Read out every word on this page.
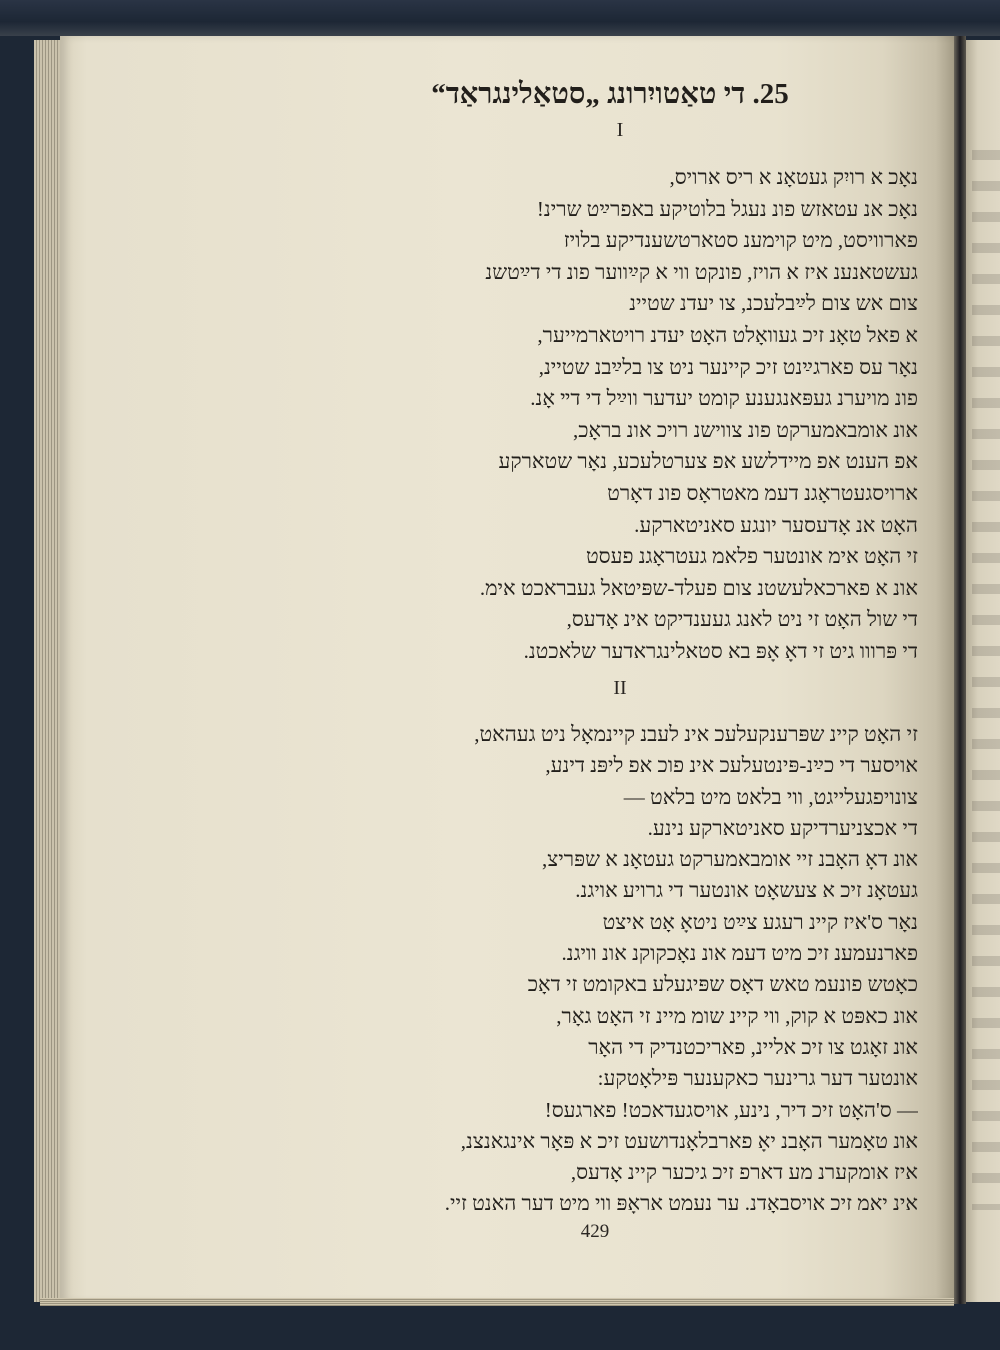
25. די טאַטויִרונג „סטאַלינגראַד“
I
נאָכ א רויִק געטאָנ א ריס ארויס,
נאָכ אנ עטאזש פונ נעגל בלוטיקע באפרײַט שרינ!
פארוויסט, מיט קוימענ סטארטשענדיקע בלויז
געשטאנענ איז א הויז, פונקט ווי א קײַווער פונ די דײַטשנ
צום אש צום לײַבלעכנ, צו יעדנ שטיינ
א פאל טאָנ זיכ געוואָלט האָט יעדנ רויטארמייער,
נאָר עס פארגײַנט זיכ קיינער ניט צו בלײַבנ שטיינ,
פונ מויערנ געפּאנגענע קומט יעדער ווײַל די דײ אָנ.
אונ אומבאמערקט פונ צווישנ רויכ אונ בראָכ,
אפ הענט אפ מיידלשע אפ צערטלעכע, נאָר שטארקע
ארויסגעטראָגנ דעמ מאטראָס פונ דאָרט
האָט אנ אָדעסער יונגע סאניטארקע.
זי האָט אימ אונטער פלאמ געטראָגנ פעסט
אונ א פארכאלעשטנ צום פעלד-שפּיטאל געבראכט אימ.
די שול האָט זי ניט לאנג געענדיקט אינ אָדעס,
די פּרווו גיט זי דאָ אָפּ בא סטאלינגראדער שלאכטנ.
II
זי האָט קיינ שפּרענקעלעכ אינ לעבנ קיינמאָל ניט געהאט,
אויסער די כײַנ-פּינטעלעכ אינ פוכ אפ ליפּנ דינע,
צונויפגעלייגט, ווי בלאט מיט בלאט —
די אכצניערדיקע סאניטארקע נינע.
אונ דאָ האָבנ זיי אומבאמערקט געטאָנ א שפּריצ,
געטאָנ זיכ א צעשאָט אונטער די גרויע אויגנ.
נאָר ס'איז קיינ רעגע צײַט ניטאָ אָט איצט
פארנעמענ זיכ מיט דעמ אונ נאָכקוקנ אונ וויגנ.
כאָטש פונעמ טאש דאָס שפּיגעלע באקומט זי דאָכ
אונ כאפּט א קוק, ווי קיינ שומ מיינ זי האָט גאָר,
אונ זאָגט צו זיכ אליינ, פאריכטנדיק די האָר
אונטער דער גרינער כאקענער פּילאָטקע:
— ס'האָט זיכ דיר, נינע, אויסגעדאכט! פארגעס!
אונ טאָמער האָבנ יאָ פארבלאָנדושעט זיכ א פּאָר אינגאנצנ,
איז אומקערנ מע דארפ זיכ גיכער קיינ אָדעס,
אינ יאמ זיכ אויסבאָדנ. ער נעמט אראָפּ ווי מיט דער האנט זיי.
429
